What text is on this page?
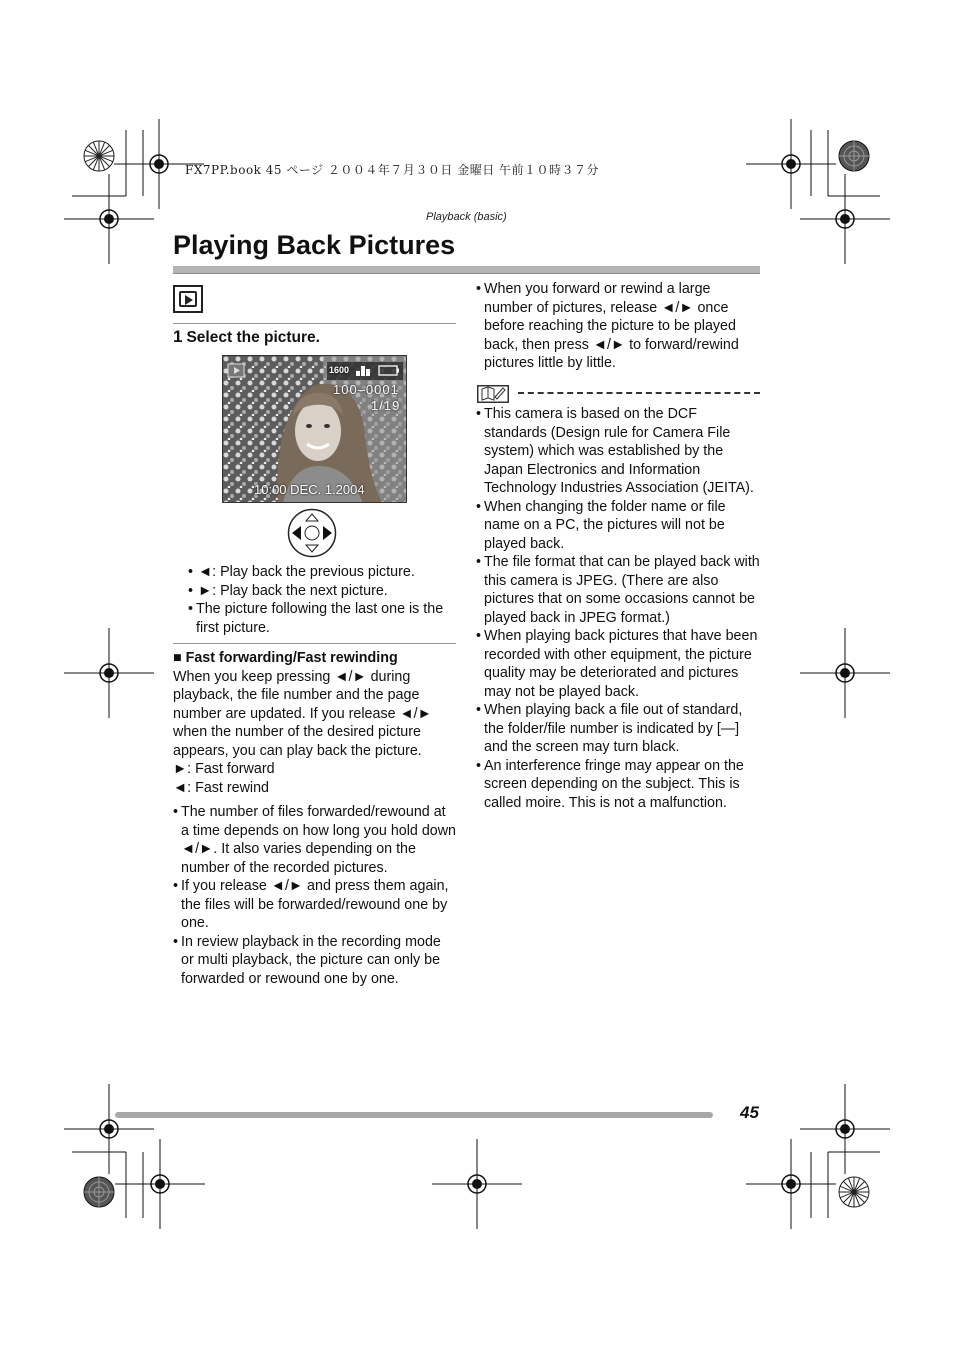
FX7PP.book 45 ページ ２００４年７月３０日 金曜日 午前１０時３７分
Playback (basic)
Playing Back Pictures
1 Select the picture.
1600
100–0001
1/19
10:00 DEC. 1.2004
• ◄: Play back the previous picture.
• ►: Play back the next picture.
• The picture following the last one is the first picture.
■ Fast forwarding/Fast rewinding
When you keep pressing ◄/► during playback, the file number and the page number are updated. If you release ◄/► when the number of the desired picture appears, you can play back the picture.
►: Fast forward
◄: Fast rewind
• The number of files forwarded/rewound at a time depends on how long you hold down ◄/►. It also varies depending on the number of the recorded pictures.
• If you release ◄/► and press them again, the files will be forwarded/rewound one by one.
• In review playback in the recording mode or multi playback, the picture can only be forwarded or rewound one by one.
• When you forward or rewind a large number of pictures, release ◄/► once before reaching the picture to be played back, then press ◄/► to forward/rewind pictures little by little.
• This camera is based on the DCF standards (Design rule for Camera File system) which was established by the Japan Electronics and Information Technology Industries Association (JEITA).
• When changing the folder name or file name on a PC, the pictures will not be played back.
• The file format that can be played back with this camera is JPEG. (There are also pictures that on some occasions cannot be played back in JPEG format.)
• When playing back pictures that have been recorded with other equipment, the picture quality may be deteriorated and pictures may not be played back.
• When playing back a file out of standard, the folder/file number is indicated by [—] and the screen may turn black.
• An interference fringe may appear on the screen depending on the subject. This is called moire. This is not a malfunction.
45
